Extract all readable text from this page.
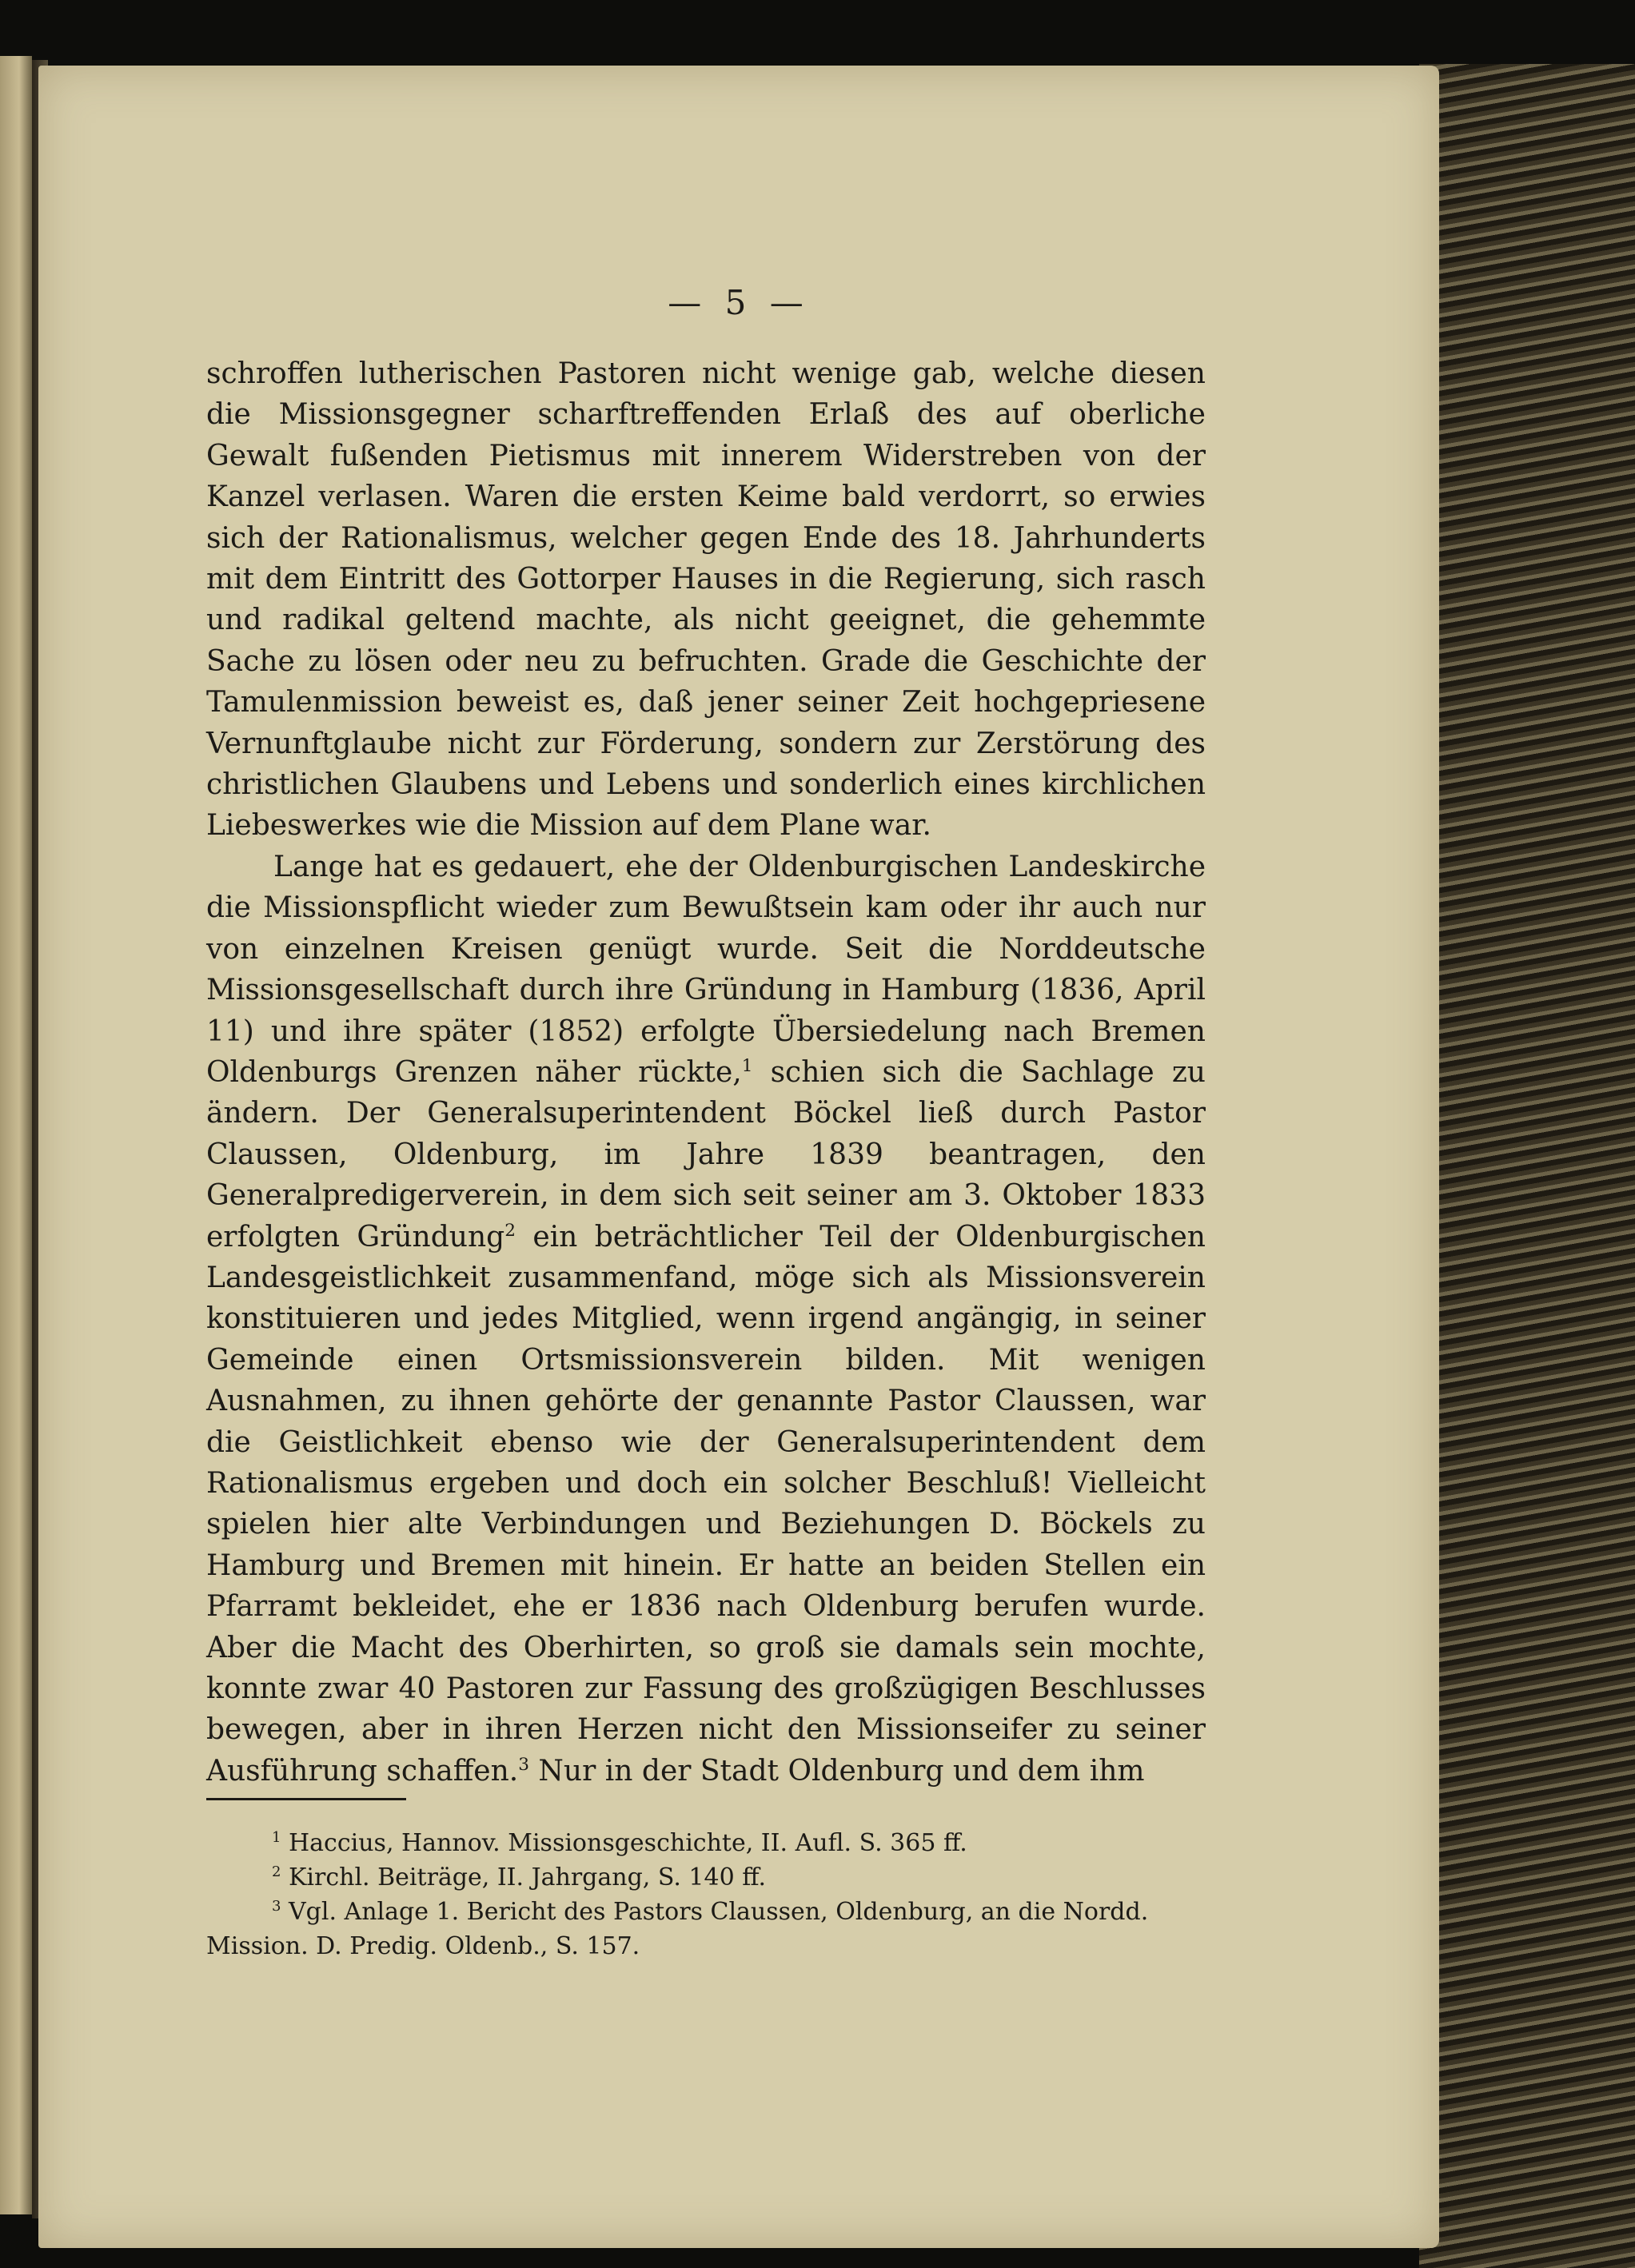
— 5 —

schroffen lutherischen Pastoren nicht wenige gab, welche diesen die Missionsgegner scharftreffenden Erlaß des auf oberliche Gewalt fußenden Pietismus mit innerem Widerstreben von der Kanzel verlasen. Waren die ersten Keime bald verdorrt, so erwies sich der Rationalismus, welcher gegen Ende des 18. Jahrhunderts mit dem Eintritt des Gottorper Hauses in die Regierung, sich rasch und radikal geltend machte, als nicht geeignet, die gehemmte Sache zu lösen oder neu zu befruchten. Grade die Geschichte der Tamulenmission beweist es, daß jener seiner Zeit hochgepriesene Vernunftglaube nicht zur Förderung, sondern zur Zerstörung des christlichen Glaubens und Lebens und sonderlich eines kirchlichen Liebeswerkes wie die Mission auf dem Plane war.

Lange hat es gedauert, ehe der Oldenburgischen Landeskirche die Missionspflicht wieder zum Bewußtsein kam oder ihr auch nur von einzelnen Kreisen genügt wurde. Seit die Norddeutsche Missionsgesellschaft durch ihre Gründung in Hamburg (1836, April 11) und ihre später (1852) erfolgte Übersiedelung nach Bremen Oldenburgs Grenzen näher rückte,$^1$ schien sich die Sachlage zu ändern. Der Generalsuperintendent Böckel ließ durch Pastor Claussen, Oldenburg, im Jahre 1839 beantragen, den Generalpredigerverein, in dem sich seit seiner am 3. Oktober 1833 erfolgten Gründung$^2$ ein beträchtlicher Teil der Oldenburgischen Landesgeistlichkeit zusammenfand, möge sich als Missionsverein konstituieren und jedes Mitglied, wenn irgend angängig, in seiner Gemeinde einen Ortsmissionsverein bilden. Mit wenigen Ausnahmen, zu ihnen gehörte der genannte Pastor Claussen, war die Geistlichkeit ebenso wie der Generalsuperintendent dem Rationalismus ergeben und doch ein solcher Beschluß! Vielleicht spielen hier alte Verbindungen und Beziehungen D. Böckels zu Hamburg und Bremen mit hinein. Er hatte an beiden Stellen ein Pfarramt bekleidet, ehe er 1836 nach Oldenburg berufen wurde. Aber die Macht des Oberhirten, so groß sie damals sein mochte, konnte zwar 40 Pastoren zur Fassung des großzügigen Beschlusses bewegen, aber in ihren Herzen nicht den Missionseifer zu seiner Ausführung schaffen.$^3$ Nur in der Stadt Oldenburg und dem ihm

$^1$ Haccius, Hannov. Missionsgeschichte, II. Aufl. S. 365 ff.

$^2$ Kirchl. Beiträge, II. Jahrgang, S. 140 ff.

$^3$ Vgl. Anlage 1. Bericht des Pastors Claussen, Oldenburg, an die Nordd. Mission. D. Predig. Oldenb., S. 157.
